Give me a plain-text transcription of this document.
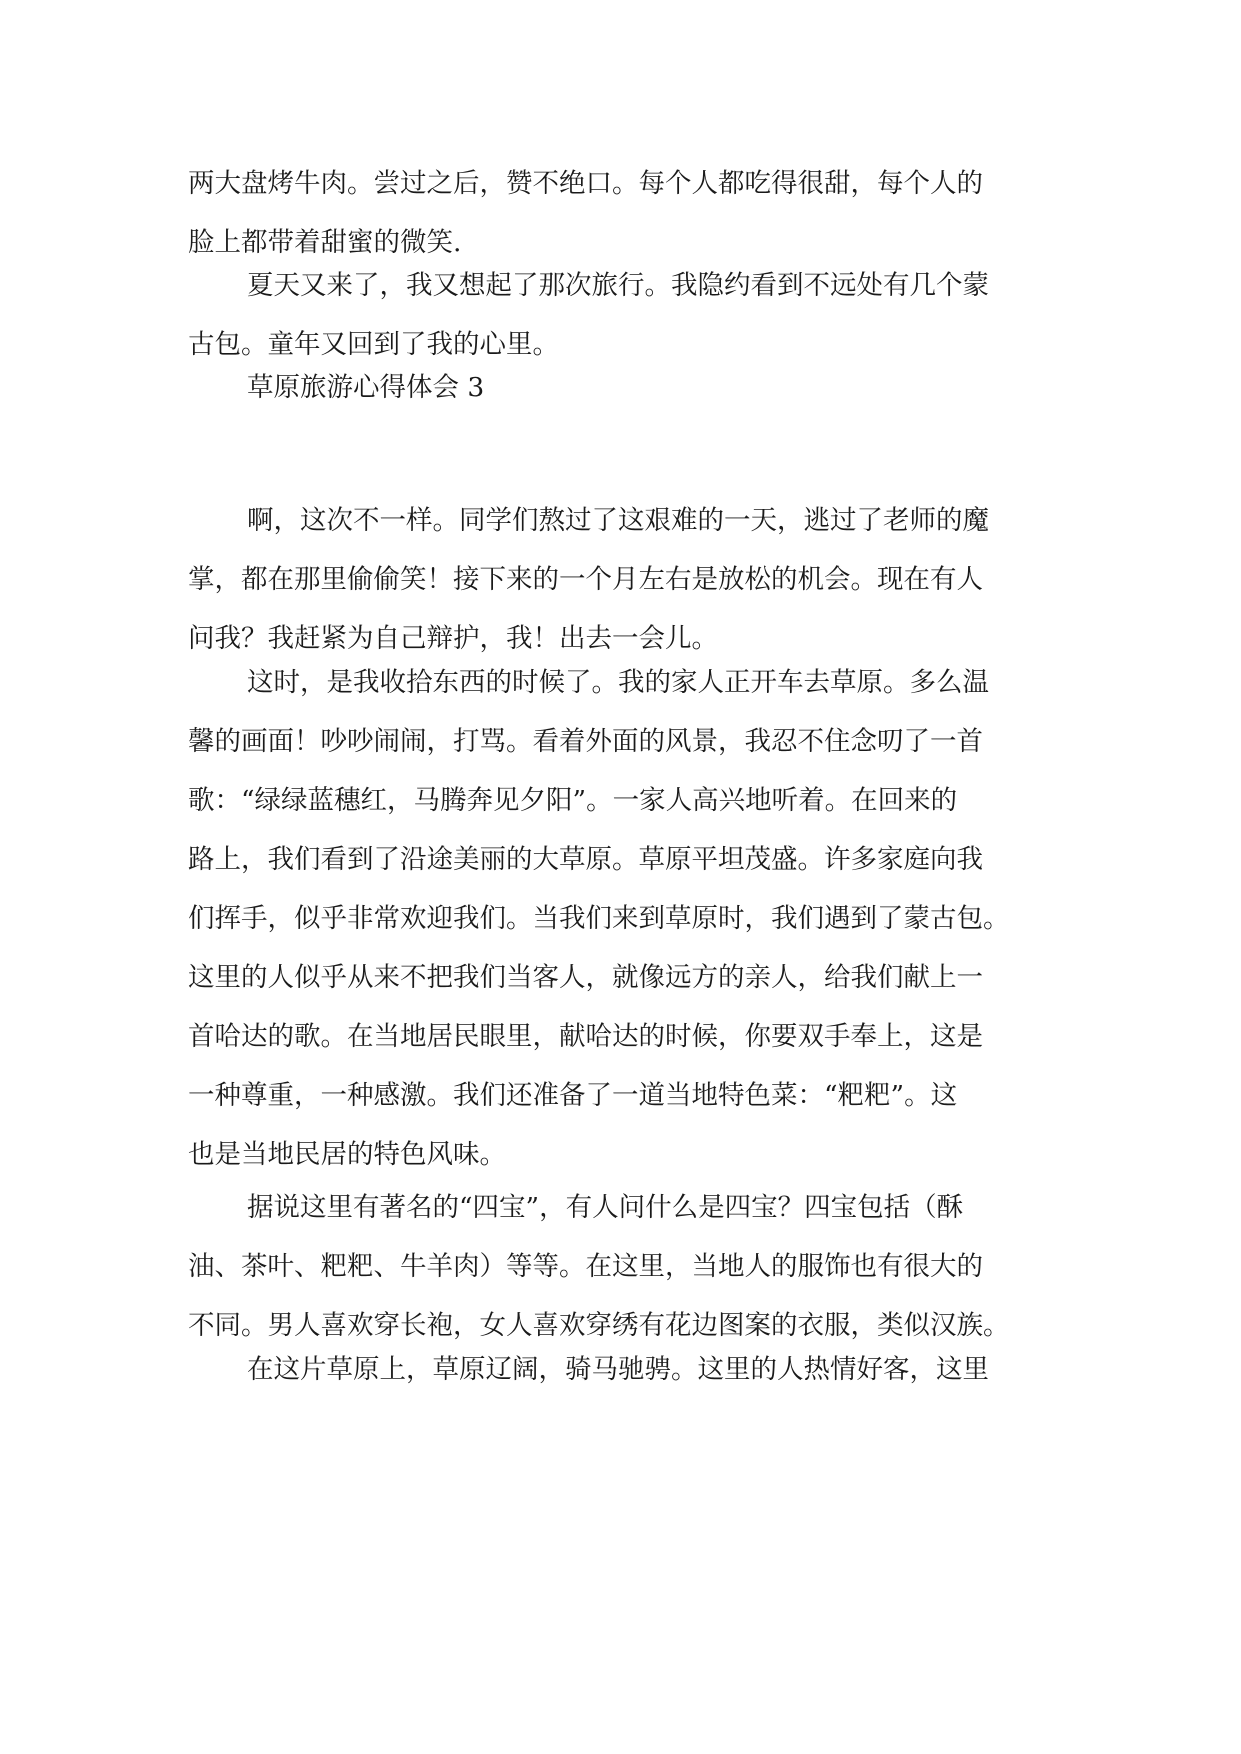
两大盘烤牛肉。尝过之后，赞不绝口。每个人都吃得很甜，每个人的
脸上都带着甜蜜的微笑.
夏天又来了，我又想起了那次旅行。我隐约看到不远处有几个蒙
古包。童年又回到了我的心里。
草原旅游心得体会 3
啊，这次不一样。同学们熬过了这艰难的一天，逃过了老师的魔
掌，都在那里偷偷笑！接下来的一个月左右是放松的机会。现在有人
问我？我赶紧为自己辩护，我！出去一会儿。
这时，是我收拾东西的时候了。我的家人正开车去草原。多么温
馨的画面！吵吵闹闹，打骂。看着外面的风景，我忍不住念叨了一首
歌：“绿绿蓝穗红，马腾奔见夕阳”。一家人高兴地听着。在回来的
路上，我们看到了沿途美丽的大草原。草原平坦茂盛。许多家庭向我
们挥手，似乎非常欢迎我们。当我们来到草原时，我们遇到了蒙古包。
这里的人似乎从来不把我们当客人，就像远方的亲人，给我们献上一
首哈达的歌。在当地居民眼里，献哈达的时候，你要双手奉上，这是
一种尊重，一种感激。我们还准备了一道当地特色菜：“粑粑”。这
也是当地民居的特色风味。
据说这里有著名的“四宝”，有人问什么是四宝？四宝包括（酥
油、茶叶、粑粑、牛羊肉）等等。在这里，当地人的服饰也有很大的
不同。男人喜欢穿长袍，女人喜欢穿绣有花边图案的衣服，类似汉族。
在这片草原上，草原辽阔，骑马驰骋。这里的人热情好客，这里
